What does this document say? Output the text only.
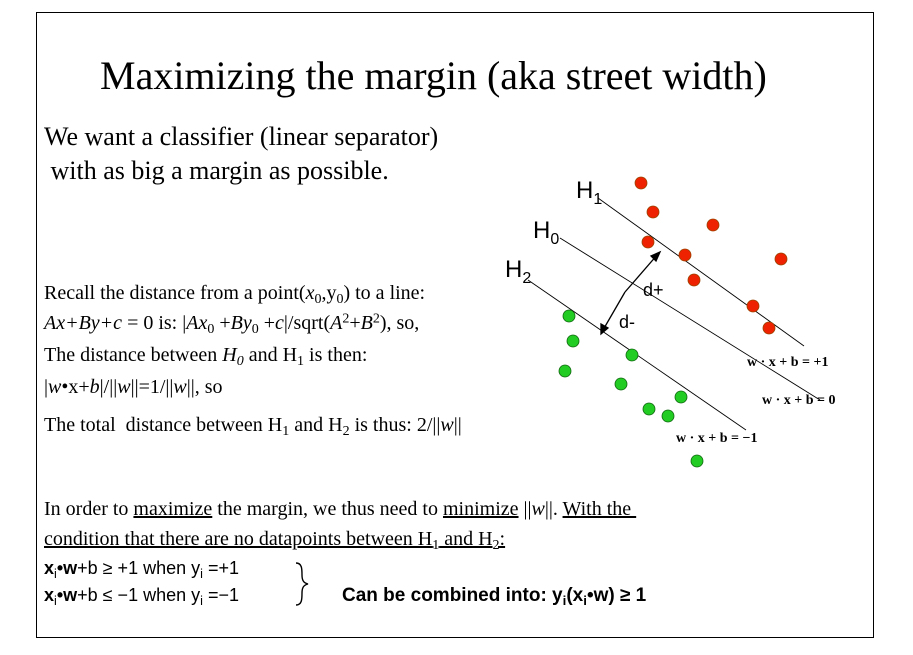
Maximizing the margin (aka street width)
We want a classifier (linear separator)
with as big a margin as possible.
Recall the distance from a $point(x_0,y_0)$ to a line:
Ax+By+c = 0 is: $|Ax_0 +By_0$ $+c|/sqrt(A^2+B^2)$, so,
The distance between $H_0$ and $H_1$ is then:
|w•x+b|/||w||=1/||w||, so
The total  distance between $H_1$ and $H_2$ is thus: 2/||w||
In order to maximize the margin, we thus need to minimize ||w||. With the
condition that there are no datapoints between $H_1$ and $H_2$:
$x_i•w+b \ge +1$ when $y_i =+1$
$x_i•w+b \le -1$ when $y_i =-1$	Can be combined into: $y_i(x_i•w) \ge 1$
$H_1$
$H_0$
$H_2$
d+
d-
w · x + b = +1
w · x + b = 0
w · x + b = −1
